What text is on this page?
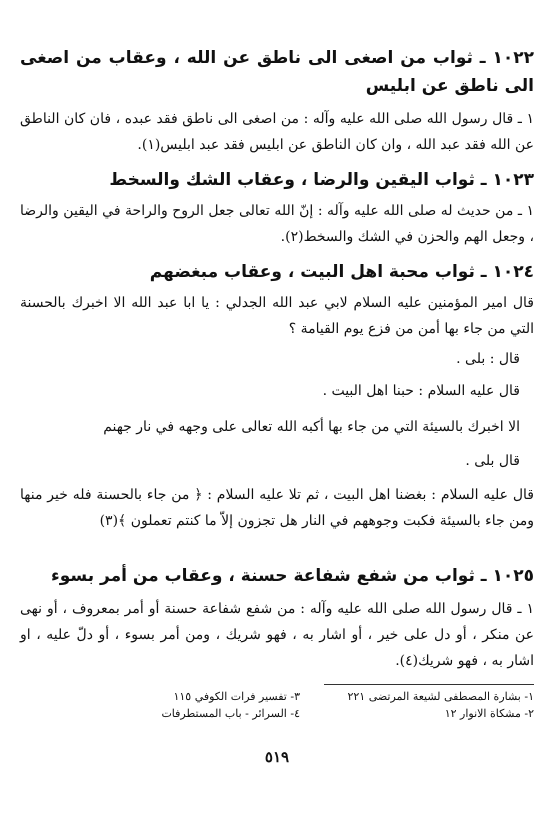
١٠٢٢ ـ ثواب من اصغى الى ناطق عن الله ، وعقاب من اصغى الى ناطق عن ابليس
١ ـ قال رسول الله صلى الله عليه وآله : من اصغى الى ناطق فقد عبده ، فان كان الناطق عن الله فقد عبد الله ، وان كان الناطق عن ابليس فقد عبد ابليس(١).
١٠٢٣ ـ ثواب اليقين والرضا ، وعقاب الشك والسخط
١ ـ من حديث له صلى الله عليه وآله : إنّ الله تعالى جعل الروح والراحة في اليقين والرضا ، وجعل الهم والحزن في الشك والسخط(٢).
١٠٢٤ ـ ثواب محبة اهل البيت ، وعقاب مبغضهم
قال امير المؤمنين عليه السلام لابي عبد الله الجدلي : يا ابا عبد الله الا اخبرك بالحسنة التي من جاء بها أمن من فزع يوم القيامة ؟
قال : بلى .
قال عليه السلام : حبنا اهل البيت .
الا اخبرك بالسيئة التي من جاء بها أكبه الله تعالى على وجهه في نار جهنم
قال بلى .
قال عليه السلام : بغضنا اهل البيت ، ثم تلا عليه السلام : ﴿ من جاء بالحسنة فله خير منها ومن جاء بالسيئة فكبت وجوههم في النار هل تجزون إلاّ ما كنتم تعملون ﴾(٣)
١٠٢٥ ـ ثواب من شفع شفاعة حسنة ، وعقاب من أمر بسوء
١ ـ قال رسول الله صلى الله عليه وآله : من شفع شفاعة حسنة أو أمر بمعروف ، أو نهى عن منكر ، أو دل على خير ، أو اشار به ، فهو شريك ، ومن أمر بسوء ، أو دلّ عليه ، او اشار به ، فهو شريك(٤).
١- بشارة المصطفى لشيعة المرتضى ٢٢١
٢- مشكاة الانوار ١٢
٣- تفسير فرات الكوفي ١١٥
٤- السرائر - باب المستطرفات
٥١٩
